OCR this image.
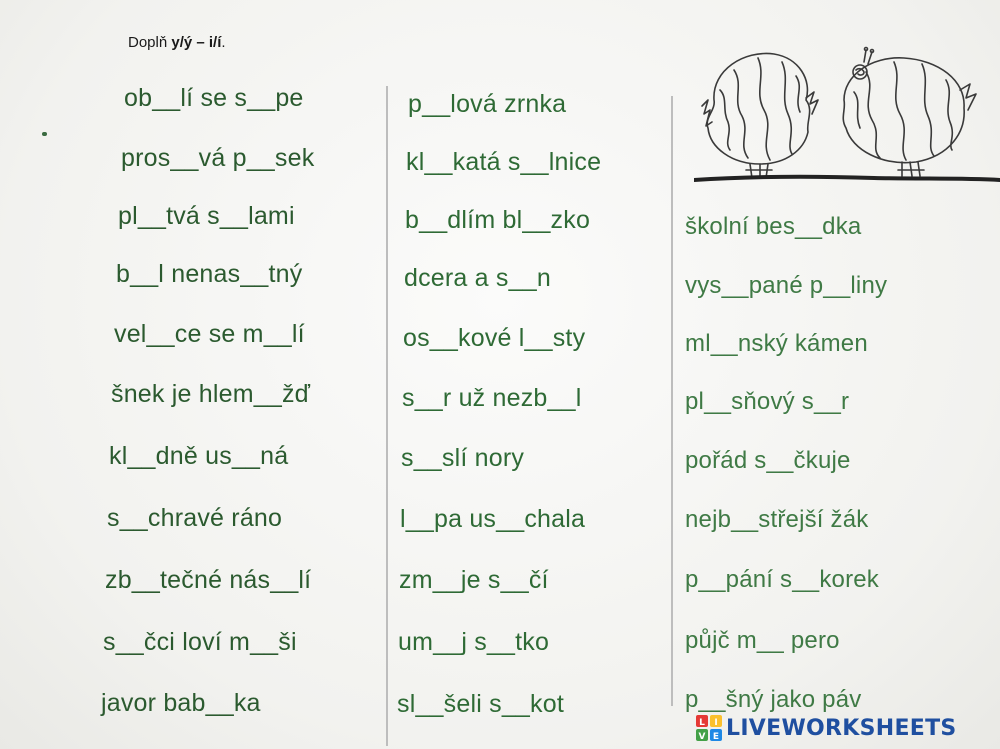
Doplň y/ý – i/í.
ob__lí se s__pe
pros__vá p__sek
pl__tvá s__lami
b__l nenas__tný
vel__ce se m__lí
šnek je hlem__žď
kl__dně us__ná
s__chravé ráno
zb__tečné nás__lí
s__čci loví m__ši
javor bab__ka
p__lová zrnka
kl__katá s__lnice
b__dlím bl__zko
dcera a s__n
os__kové l__sty
s__r už nezb__l
s__slí nory
l__pa us__chala
zm__je s__čí
um__j s__tko
sl__šeli s__kot
školní bes__dka
vys__pané p__liny
ml__nský kámen
pl__sňový s__r
pořád s__čkuje
nejb__střejší žák
p__pání s__korek
půjč m__ pero
p__šný jako páv
L I
V E LIVEWORKSHEETS
